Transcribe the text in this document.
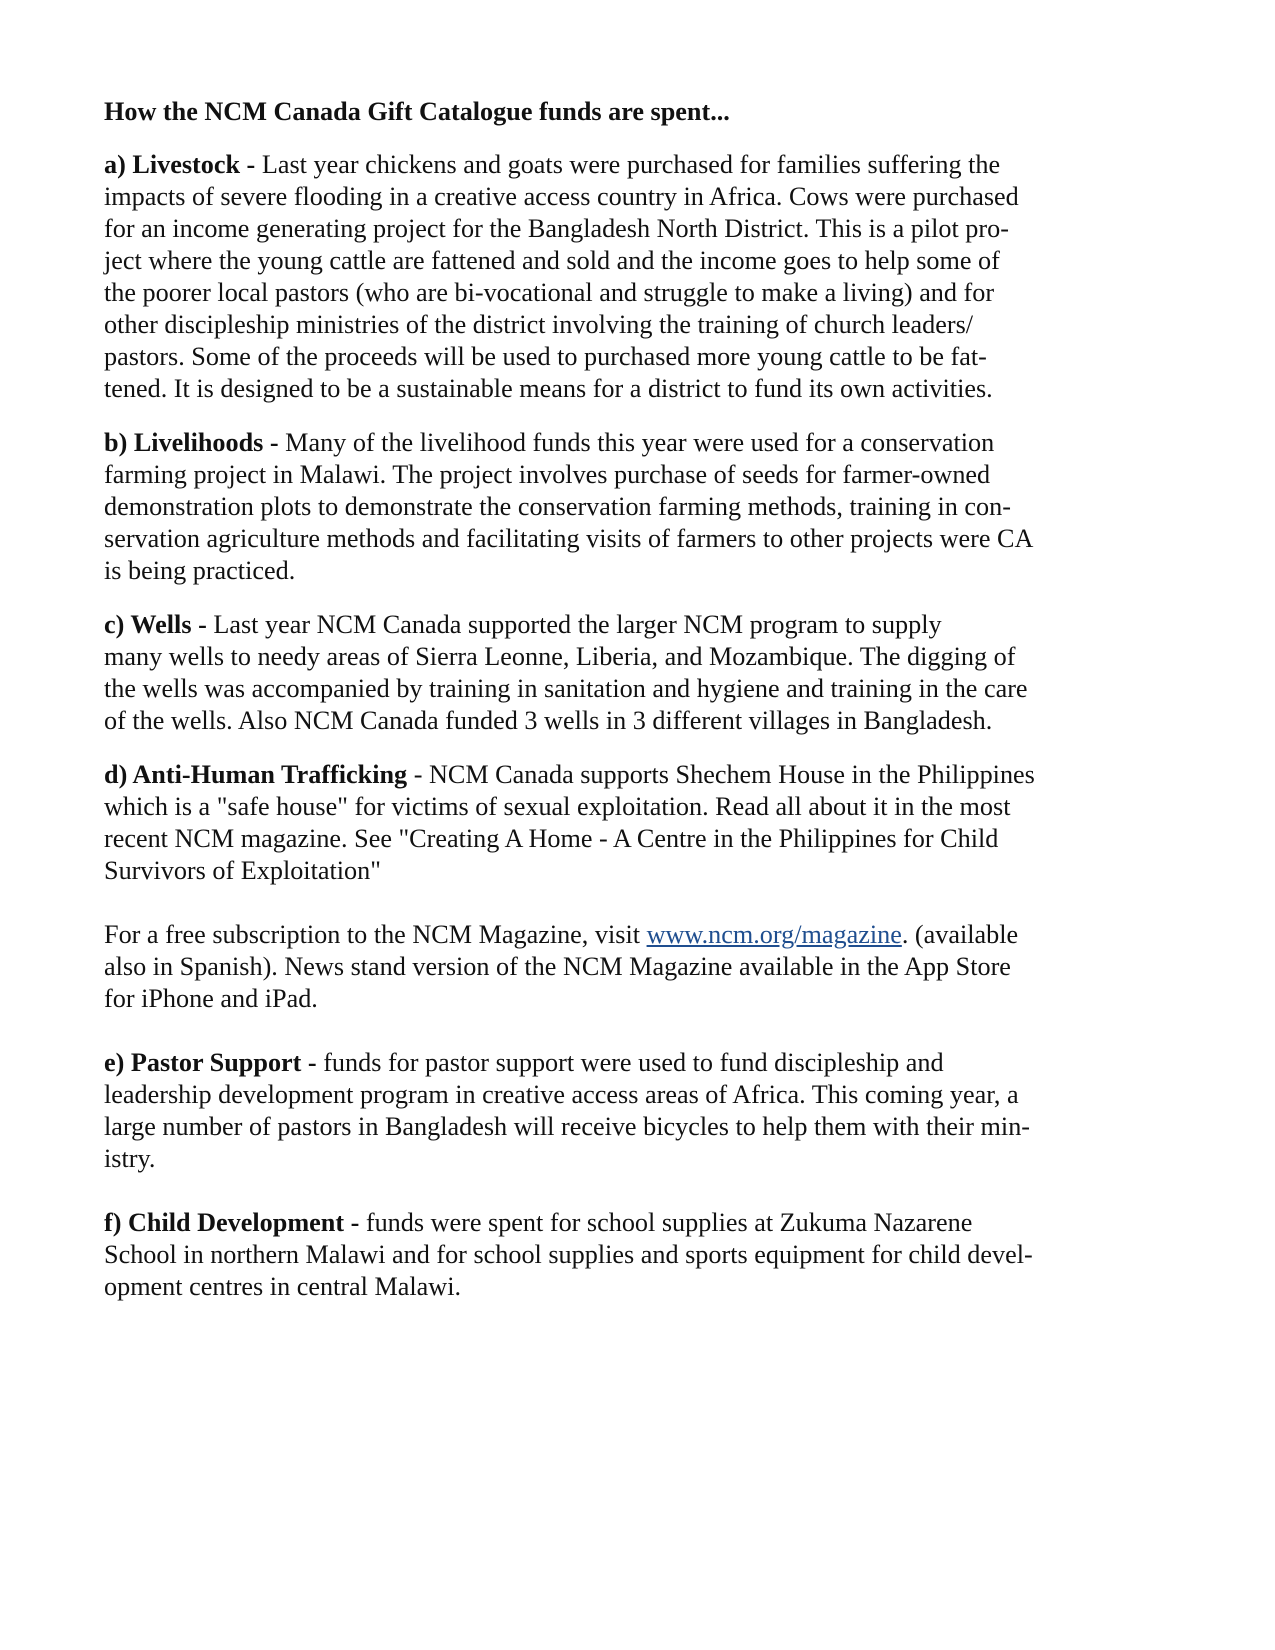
How the NCM Canada Gift Catalogue funds are spent...
a) Livestock - Last year chickens and goats were purchased for families suffering the
impacts of severe flooding in a creative access country in Africa. Cows were purchased
for an income generating project for the Bangladesh North District. This is a pilot pro-
ject where the young cattle are fattened and sold and the income goes to help some of
the poorer local pastors (who are bi-vocational and struggle to make a living) and for
other discipleship ministries of the district involving the training of church leaders/
pastors. Some of the proceeds will be used to purchased more young cattle to be fat-
tened. It is designed to be a sustainable means for a district to fund its own activities.
b) Livelihoods - Many of the livelihood funds this year were used for a conservation
farming project in Malawi. The project involves purchase of seeds for farmer-owned
demonstration plots to demonstrate the conservation farming methods, training in con-
servation agriculture methods and facilitating visits of farmers to other projects were CA
is being practiced.
c) Wells - Last year NCM Canada supported the larger NCM program to supply
many wells to needy areas of Sierra Leonne, Liberia, and Mozambique. The digging of
the wells was accompanied by training in sanitation and hygiene and training in the care
of the wells. Also NCM Canada funded 3 wells in 3 different villages in Bangladesh.
d) Anti-Human Trafficking - NCM Canada supports Shechem House in the Philippines
which is a "safe house" for victims of sexual exploitation. Read all about it in the most
recent NCM magazine. See "Creating A Home - A Centre in the Philippines for Child
Survivors of Exploitation"
For a free subscription to the NCM Magazine, visit www.ncm.org/magazine. (available
also in Spanish). News stand version of the NCM Magazine available in the App Store
for iPhone and iPad.
e) Pastor Support - funds for pastor support were used to fund discipleship and
leadership development program in creative access areas of Africa. This coming year, a
large number of pastors in Bangladesh will receive bicycles to help them with their min-
istry.
f) Child Development - funds were spent for school supplies at Zukuma Nazarene
School in northern Malawi and for school supplies and sports equipment for child devel-
opment centres in central Malawi.
